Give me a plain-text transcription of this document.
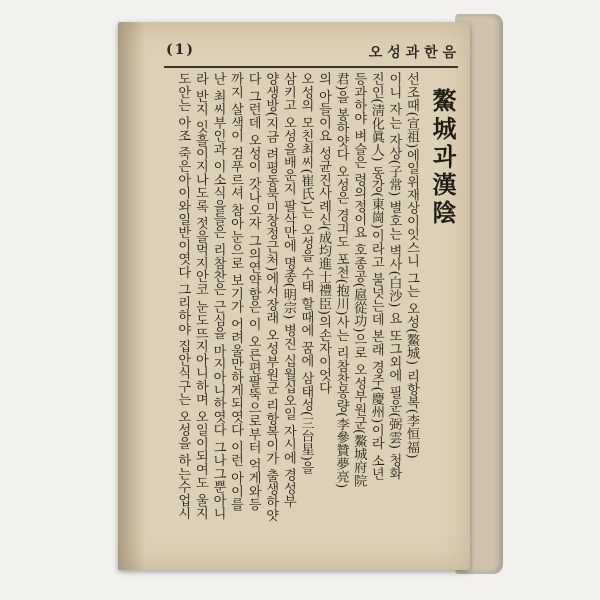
(1)	오 성 과 한 음
鰲城과漢陰

선조때(宣祖)에일위재상이잇스니 그는 오성(鰲城) 리항복(李恒福)

이니 자는 자상(子常) 별호는 벽사(白沙) 요 또그외에 필운(弼雲) 청화

진인(淸化眞人) 동강(東崗)이라고 불넛는데 본래 경주(慶州)이라 소년

등과하야 벼슬은 령의정이요 호종공(扈從功)으로 오성부원군(鰲城府院

君)을 봉하얏다 오성은 경긔도 포천(抱川)사는 리참찬몽량(李參贊夢亮)

의 아들이요 성균진사례신(成均進士禮臣)의손자이엇다

오성의 모친최씨(崔氏)는 오성을 수태 할때에 꿈에 삼태성(三台星)을

삼키고 오성을배운지 팔삭만에 명종(明宗) 병진 십월십오일 자시에 경성부

양생방(지금 려평동북미창정근처)에서장래 오성부원군 리항복이가 출생하얏

다 그런데 오성이 갓나오자 그의연약함은 이 오른편팔뚝으로부터 억게와등

까지 살색이 검푸르셔 참아눈으로 보기가 어려울만하게되엿다 이런 아이를

난 최씨부인과 이소식을들은 리참찬은 근심을 마지아니하엿다 그나그뿐아니

라 반지 잇흘이지나도록 젓을먹지안코 눈도뜨지아니하며 오일이되여도 울지

도안는 아조 죽은아이와일반이엿다 그리하야 집안식구는 오성을 하는수업시
